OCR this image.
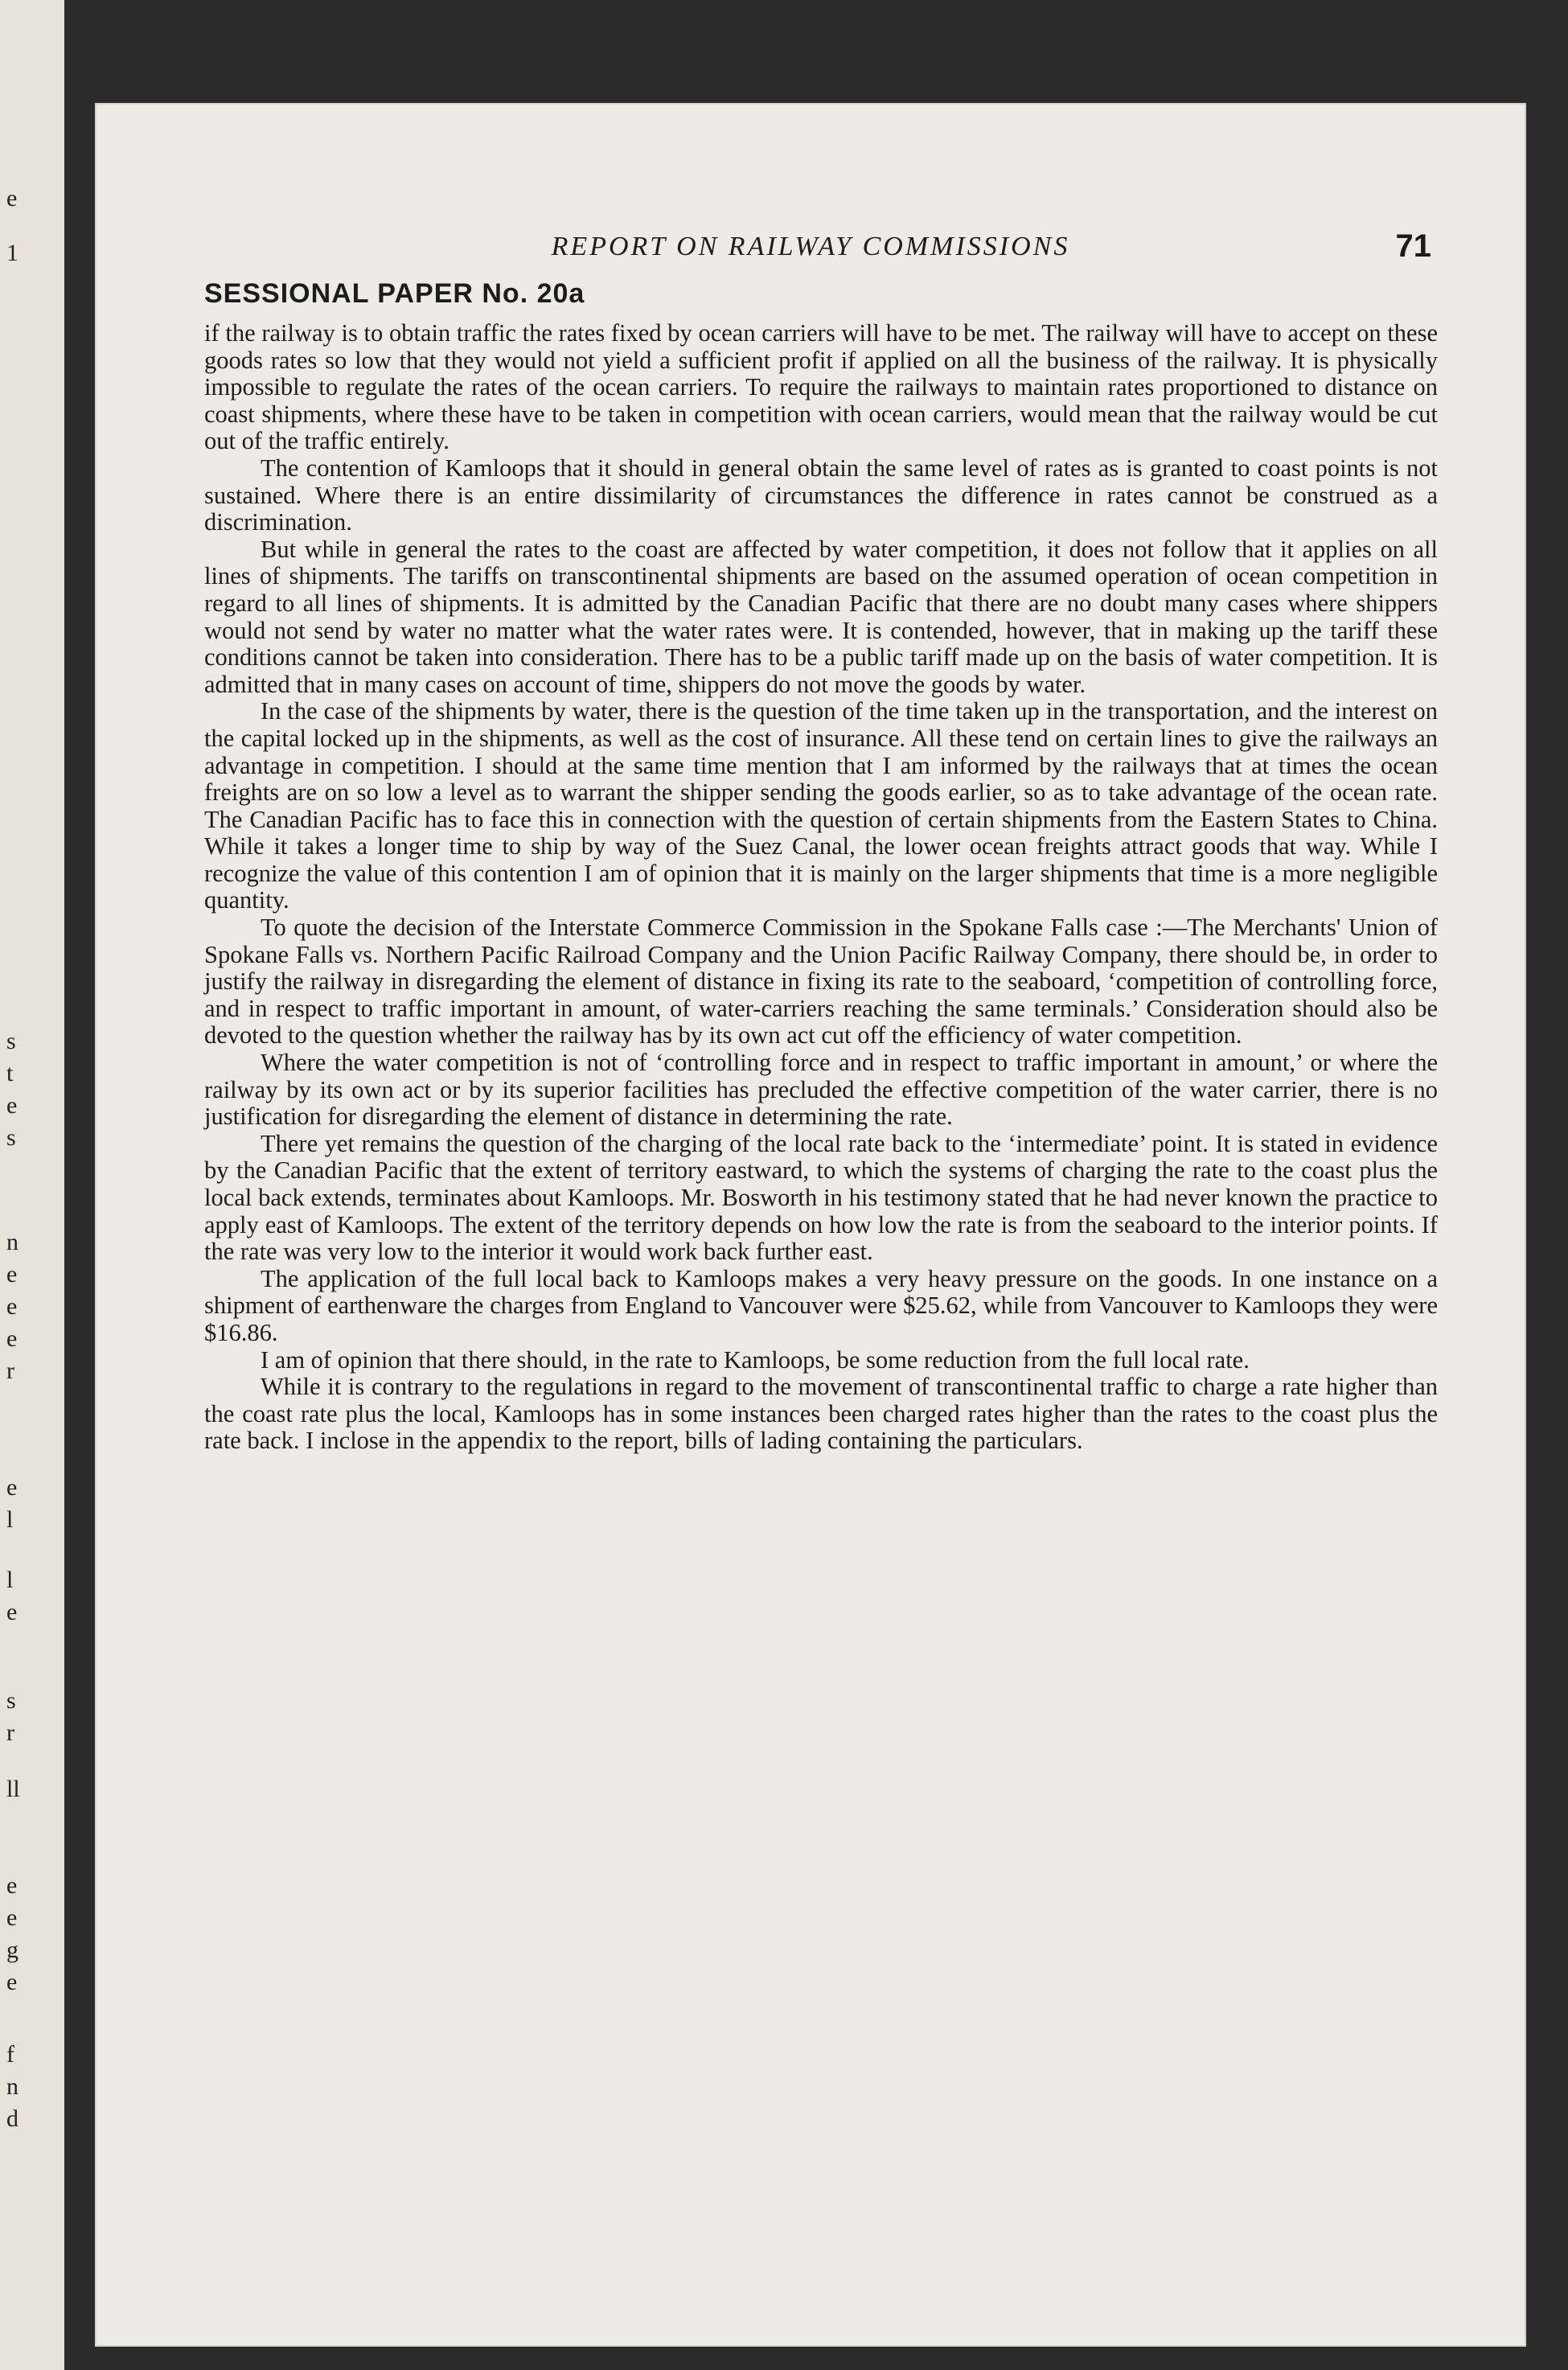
e
1
s
t
e
s
n
e
e
e
r
e
l
l
e
s
r
ll
e
e
g
e
f
n
d
REPORT ON RAILWAY COMMISSIONS	71
SESSIONAL PAPER No. 20a

if the railway is to obtain traffic the rates fixed by ocean carriers will have to be met. The railway will have to accept on these goods rates so low that they would not yield a sufficient profit if applied on all the business of the railway. It is physically impossible to regulate the rates of the ocean carriers. To require the railways to maintain rates proportioned to distance on coast shipments, where these have to be taken in competition with ocean carriers, would mean that the railway would be cut out of the traffic entirely.

The contention of Kamloops that it should in general obtain the same level of rates as is granted to coast points is not sustained. Where there is an entire dissimilarity of circumstances the difference in rates cannot be construed as a discrimination.

But while in general the rates to the coast are affected by water competition, it does not follow that it applies on all lines of shipments. The tariffs on transcontinental shipments are based on the assumed operation of ocean competition in regard to all lines of shipments. It is admitted by the Canadian Pacific that there are no doubt many cases where shippers would not send by water no matter what the water rates were. It is contended, however, that in making up the tariff these conditions cannot be taken into consideration. There has to be a public tariff made up on the basis of water competition. It is admitted that in many cases on account of time, shippers do not move the goods by water.

In the case of the shipments by water, there is the question of the time taken up in the transportation, and the interest on the capital locked up in the shipments, as well as the cost of insurance. All these tend on certain lines to give the railways an advantage in competition. I should at the same time mention that I am informed by the railways that at times the ocean freights are on so low a level as to warrant the shipper sending the goods earlier, so as to take advantage of the ocean rate. The Canadian Pacific has to face this in connection with the question of certain shipments from the Eastern States to China. While it takes a longer time to ship by way of the Suez Canal, the lower ocean freights attract goods that way. While I recognize the value of this contention I am of opinion that it is mainly on the larger shipments that time is a more negligible quantity.

To quote the decision of the Interstate Commerce Commission in the Spokane Falls case :—The Merchants' Union of Spokane Falls vs. Northern Pacific Railroad Company and the Union Pacific Railway Company, there should be, in order to justify the railway in disregarding the element of distance in fixing its rate to the seaboard, ‘competition of controlling force, and in respect to traffic important in amount, of water-carriers reaching the same terminals.’ Consideration should also be devoted to the question whether the railway has by its own act cut off the efficiency of water competition.

Where the water competition is not of ‘controlling force and in respect to traffic important in amount,’ or where the railway by its own act or by its superior facilities has precluded the effective competition of the water carrier, there is no justification for disregarding the element of distance in determining the rate.

There yet remains the question of the charging of the local rate back to the ‘intermediate’ point. It is stated in evidence by the Canadian Pacific that the extent of territory eastward, to which the systems of charging the rate to the coast plus the local back extends, terminates about Kamloops. Mr. Bosworth in his testimony stated that he had never known the practice to apply east of Kamloops. The extent of the territory depends on how low the rate is from the seaboard to the interior points. If the rate was very low to the interior it would work back further east.

The application of the full local back to Kamloops makes a very heavy pressure on the goods. In one instance on a shipment of earthenware the charges from England to Vancouver were $25.62, while from Vancouver to Kamloops they were $16.86.

I am of opinion that there should, in the rate to Kamloops, be some reduction from the full local rate.

While it is contrary to the regulations in regard to the movement of transcontinental traffic to charge a rate higher than the coast rate plus the local, Kamloops has in some instances been charged rates higher than the rates to the coast plus the rate back. I inclose in the appendix to the report, bills of lading containing the particulars.
